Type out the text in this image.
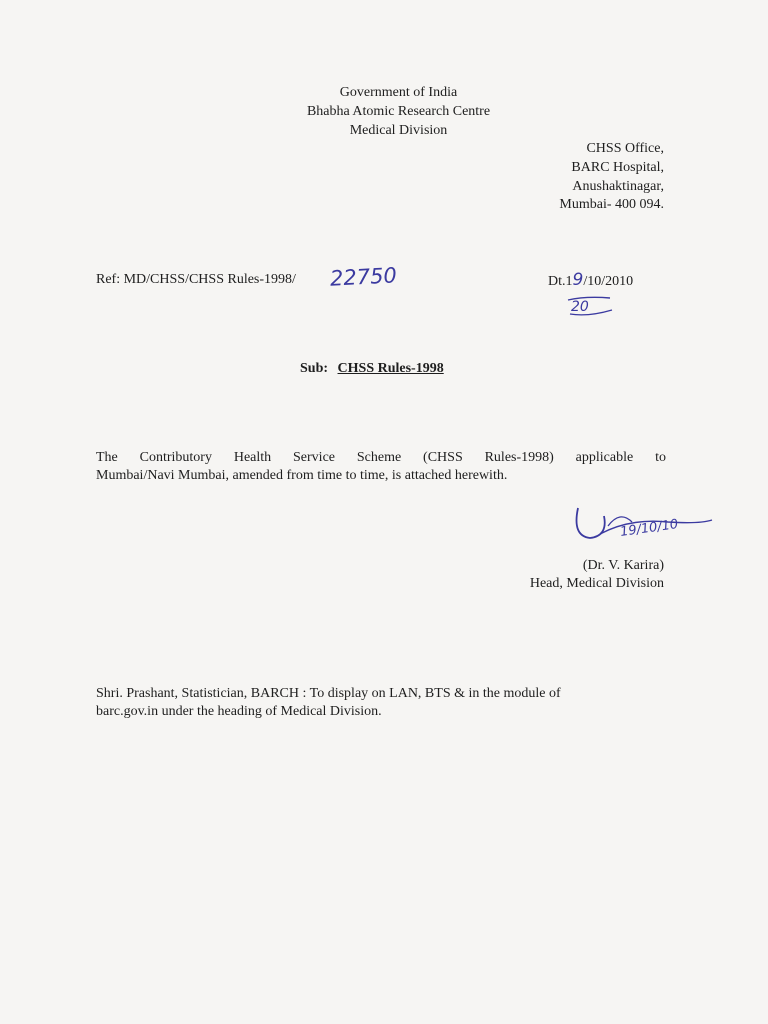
Government of India
Bhabha Atomic Research Centre
Medical Division
CHSS Office,
BARC Hospital,
Anushaktinagar,
Mumbai- 400 094.
Ref: MD/CHSS/CHSS Rules-1998/ 22750	Dt.19/10/2010
20
Sub: CHSS Rules-1998
The Contributory Health Service Scheme (CHSS Rules-1998) applicable to
Mumbai/Navi Mumbai, amended from time to time, is attached herewith.
19/10/10
(Dr. V. Karira)
Head, Medical Division
Shri. Prashant, Statistician, BARCH : To display on LAN, BTS & in the module of
barc.gov.in under the heading of Medical Division.
